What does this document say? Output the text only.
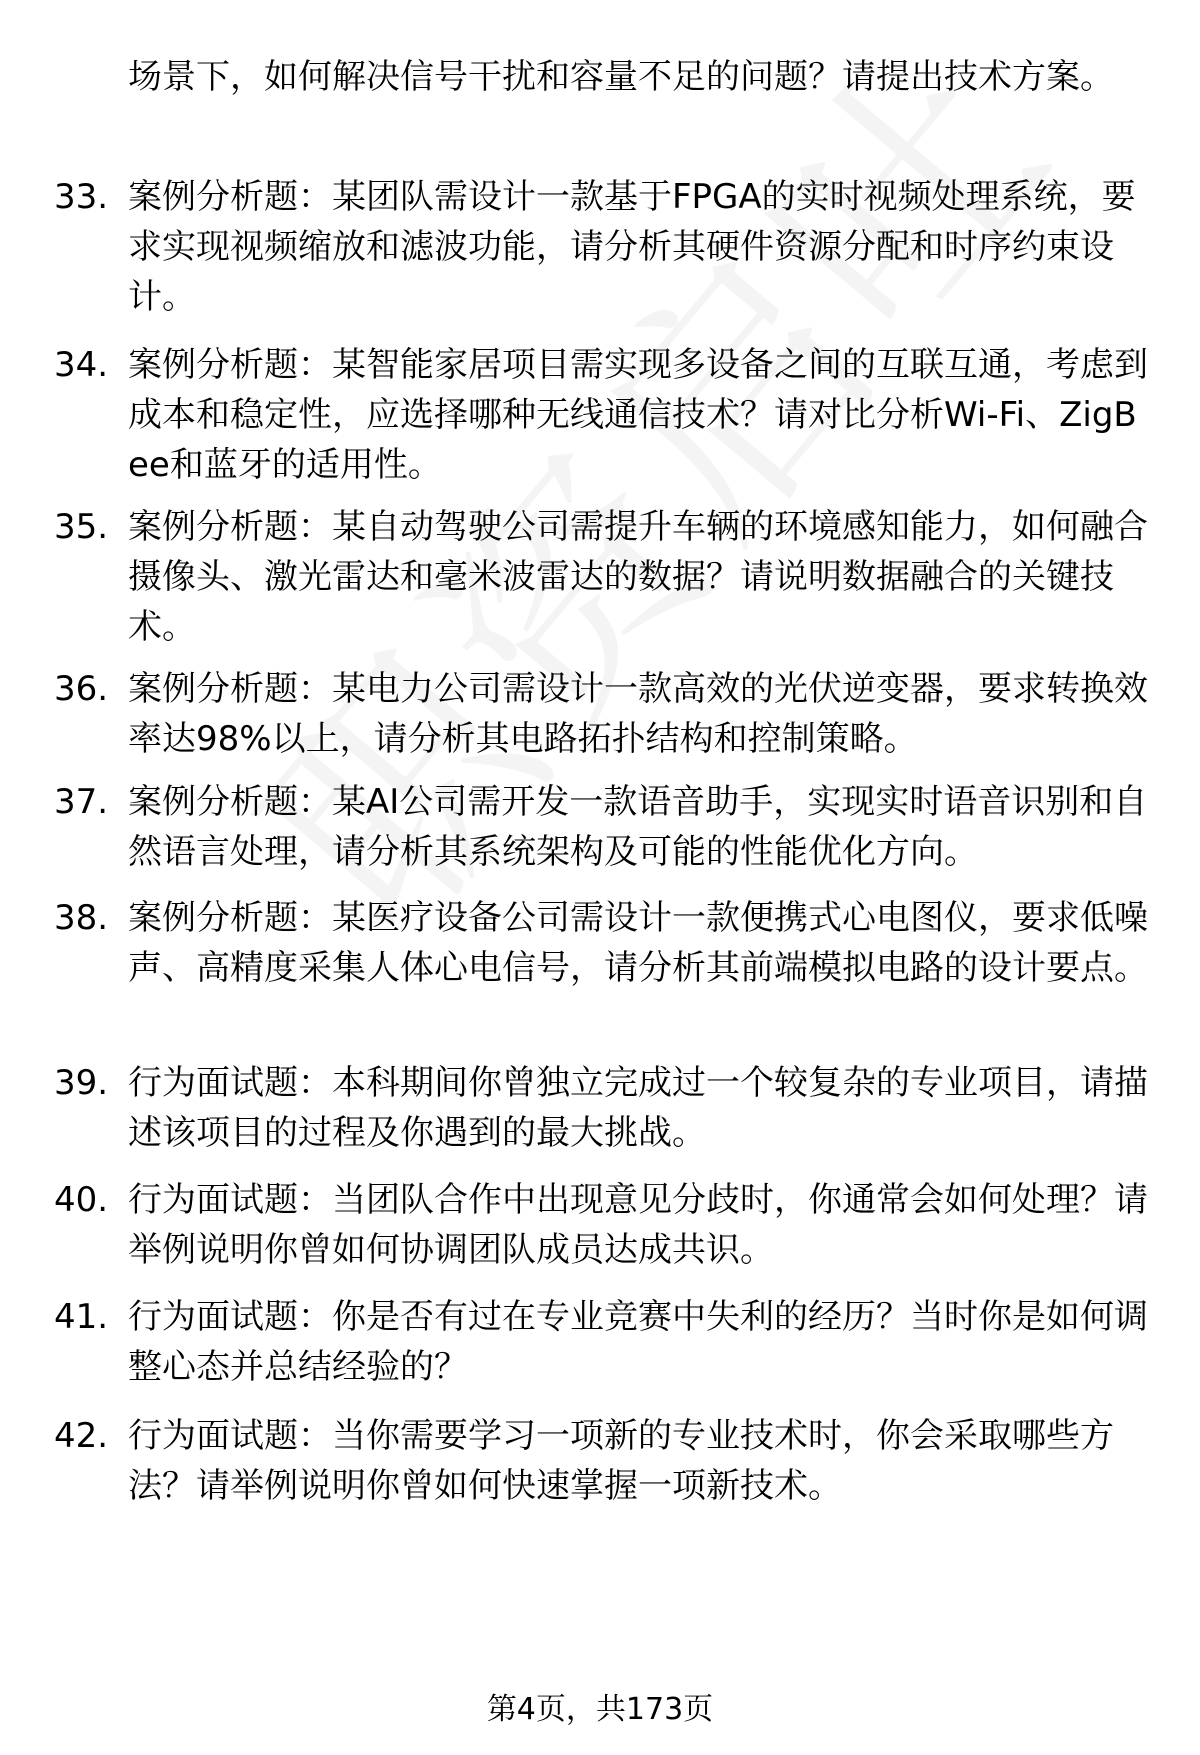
场景下，如何解决信号干扰和容量不足的问题？请提出技术方案。
33. 案例分析题：某团队需设计一款基于FPGA的实时视频处理系统，要求实现视频缩放和滤波功能，请分析其硬件资源分配和时序约束设计。
34. 案例分析题：某智能家居项目需实现多设备之间的互联互通，考虑到成本和稳定性，应选择哪种无线通信技术？请对比分析Wi-Fi、ZigBee和蓝牙的适用性。
35. 案例分析题：某自动驾驶公司需提升车辆的环境感知能力，如何融合摄像头、激光雷达和毫米波雷达的数据？请说明数据融合的关键技术。
36. 案例分析题：某电力公司需设计一款高效的光伏逆变器，要求转换效率达98%以上，请分析其电路拓扑结构和控制策略。
37. 案例分析题：某AI公司需开发一款语音助手，实现实时语音识别和自然语言处理，请分析其系统架构及可能的性能优化方向。
38. 案例分析题：某医疗设备公司需设计一款便携式心电图仪，要求低噪声、高精度采集人体心电信号，请分析其前端模拟电路的设计要点。
39. 行为面试题：本科期间你曾独立完成过一个较复杂的专业项目，请描述该项目的过程及你遇到的最大挑战。
40. 行为面试题：当团队合作中出现意见分歧时，你通常会如何处理？请举例说明你曾如何协调团队成员达成共识。
41. 行为面试题：你是否有过在专业竞赛中失利的经历？当时你是如何调整心态并总结经验的？
42. 行为面试题：当你需要学习一项新的专业技术时，你会采取哪些方法？请举例说明你曾如何快速掌握一项新技术。
第4页，共173页
